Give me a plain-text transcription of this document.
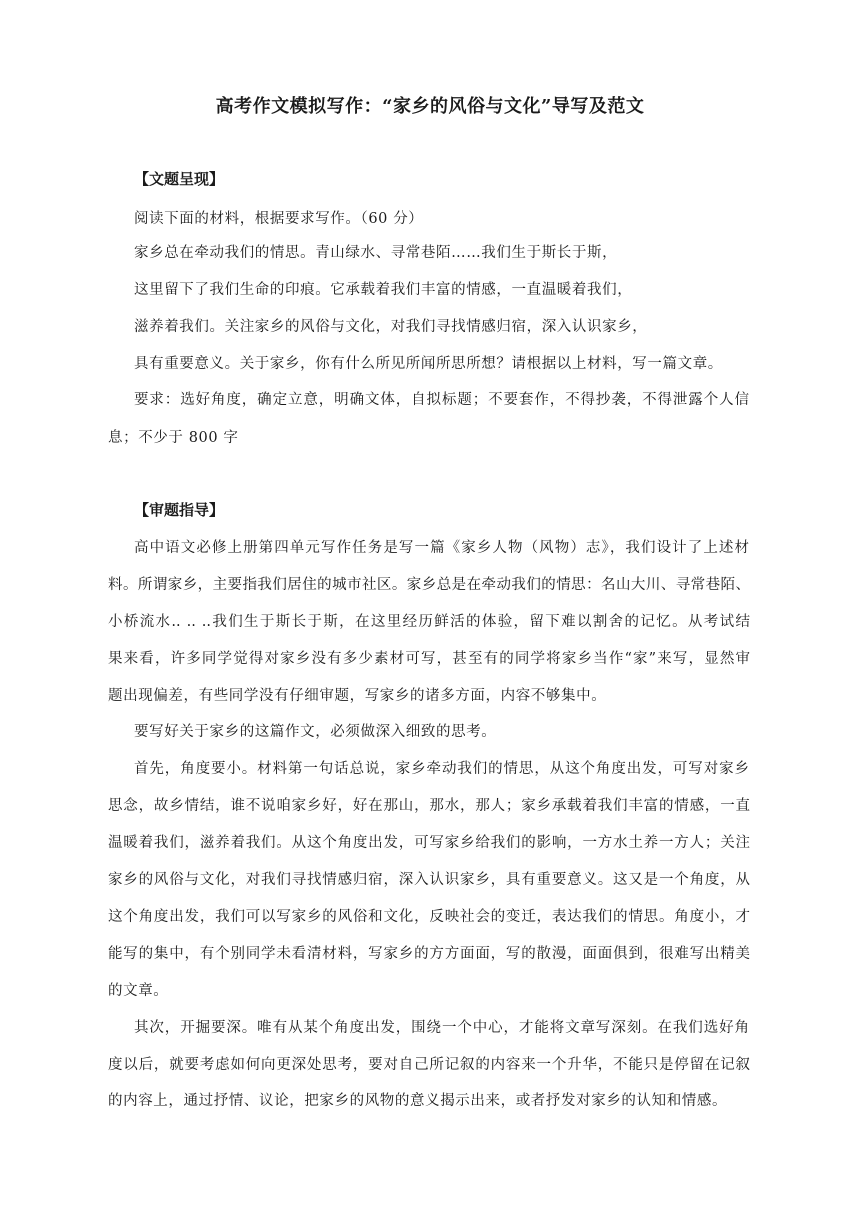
高考作文模拟写作：“家乡的风俗与文化”导写及范文
【文题呈现】
阅读下面的材料，根据要求写作。（60 分）
家乡总在牵动我们的情思。青山绿水、寻常巷陌……我们生于斯长于斯，
这里留下了我们生命的印痕。它承载着我们丰富的情感，一直温暖着我们，
滋养着我们。关注家乡的风俗与文化，对我们寻找情感归宿，深入认识家乡，
具有重要意义。关于家乡，你有什么所见所闻所思所想？请根据以上材料，写一篇文章。
要求：选好角度，确定立意，明确文体，自拟标题；不要套作，不得抄袭，不得泄露个人信
息；不少于 800 字
【审题指导】
高中语文必修上册第四单元写作任务是写一篇《家乡人物（风物）志》，我们设计了上述材
料。所谓家乡，主要指我们居住的城市社区。家乡总是在牵动我们的情思：名山大川、寻常巷陌、
小桥流水.. .. ..我们生于斯长于斯，在这里经历鲜活的体验，留下难以割舍的记忆。从考试结
果来看，许多同学觉得对家乡没有多少素材可写，甚至有的同学将家乡当作“家”来写，显然审
题出现偏差，有些同学没有仔细审题，写家乡的诸多方面，内容不够集中。
要写好关于家乡的这篇作文，必须做深入细致的思考。
首先，角度要小。材料第一句话总说，家乡牵动我们的情思，从这个角度出发，可写对家乡
思念，故乡情结，谁不说咱家乡好，好在那山，那水，那人；家乡承载着我们丰富的情感，一直
温暖着我们，滋养着我们。从这个角度出发，可写家乡给我们的影响，一方水土养一方人；关注
家乡的风俗与文化，对我们寻找情感归宿，深入认识家乡，具有重要意义。这又是一个角度，从
这个角度出发，我们可以写家乡的风俗和文化，反映社会的变迁，表达我们的情思。角度小，才
能写的集中，有个别同学未看清材料，写家乡的方方面面，写的散漫，面面俱到，很难写出精美
的文章。
其次，开掘要深。唯有从某个角度出发，围绕一个中心，才能将文章写深刻。在我们选好角
度以后，就要考虑如何向更深处思考，要对自己所记叙的内容来一个升华，不能只是停留在记叙
的内容上，通过抒情、议论，把家乡的风物的意义揭示出来，或者抒发对家乡的认知和情感。
